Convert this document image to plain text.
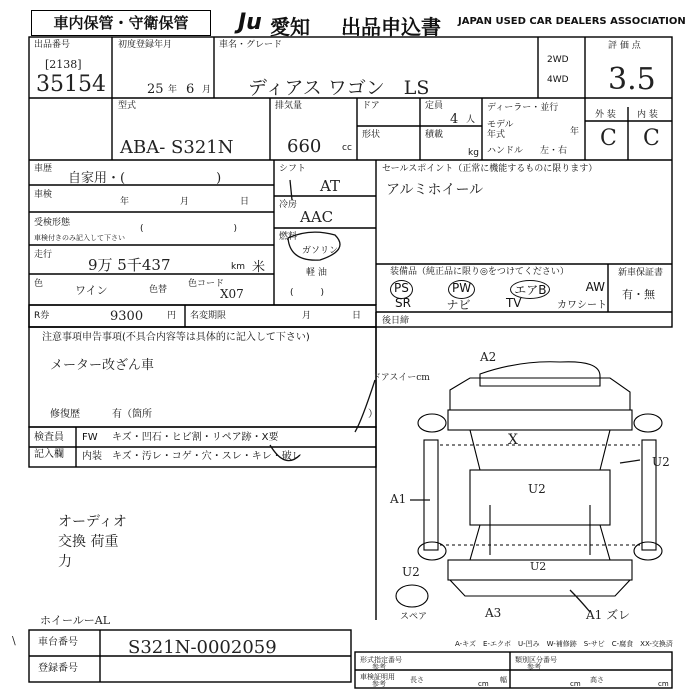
車内保管・守衛保管	Ju 愛知 出品申込書 JAPAN USED CAR DEALERS ASSOCIATION
出品番号
[2138]
35154
初度登録年月
25 年 6 月
車名・グレード
ディアス ワゴン　LS
2WD
4WD
評 価 点
3.5
型式
ABA- S321N
排気量
660 cc
ドア	定員
4 人
形状	積載
kg
ディーラー・並行
モデル
年式	年
ハンドル 左・右
外 装 内 装
C C
車歴
自家用・(　　　　　　　)
車検
年	月	日
受検形態
車検付きのみ記入して下さい
(　　　　　　　　　　)
走行
9万 5千437	km 米
色	ワイン	色替
色コード
X07
シフト
AT
冷房
AAC
燃料
ガソリン
軽 油
(　　　)
セールスポイント（正常に機能するものに限ります）
アルミホイール
装備品（純正品に限り◎をつけてください）
PS	PW	エアB	AW
SR	ナビ	TV	カワシート
新車保証書
有・無
R券	9300	円 名変期限	月	日 後日締
注意事項申告事項(不具合内容等は具体的に記入して下さい)
メーター改ざん車
修復歴	有（箇所	）
検査員
記入欄
FW キズ・凹石・ヒビ割・リペア跡・X要
内装 キズ・汚レ・コゲ・穴・スレ・キレ・破レ
オーディオ交換 荷重力
A2
ドアスイーcm
X
U2
U2
A1
U2
A3	A1 ズレ
U2
スペア
A-キズ　E-エクボ　U-凹み　W-補修跡　S-サビ　C-腐食　XX-交換済
ホイールーAL
\ 車台番号	S321N-0002059
登録番号
形式指定番号
参考
類別区分番号
参考
車検証明用
参考	長さ	cm 幅	cm 高さ	cm
